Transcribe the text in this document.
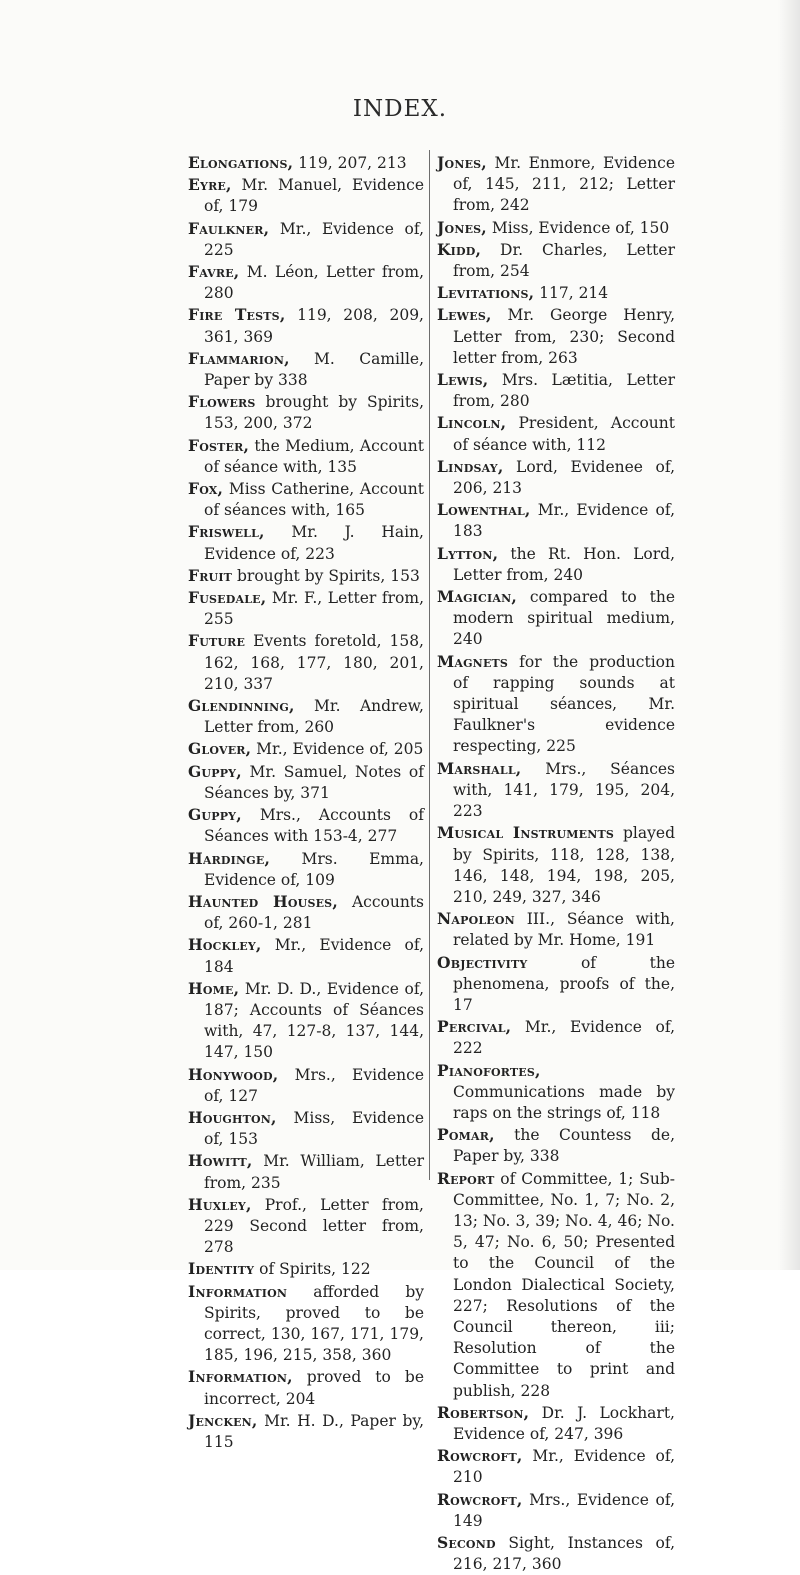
INDEX.

Elongations, 119, 207, 213

Eyre, Mr. Manuel, Evidence of, 179

Faulkner, Mr., Evidence of, 225

Favre, M. Léon, Letter from, 280

Fire Tests, 119, 208, 209, 361, 369

Flammarion, M. Camille, Paper by 338

Flowers brought by Spirits, 153, 200, 372

Foster, the Medium, Account of séance with, 135

Fox, Miss Catherine, Account of séances with, 165

Friswell, Mr. J. Hain, Evidence of, 223

Fruit brought by Spirits, 153

Fusedale, Mr. F., Letter from, 255

Future Events foretold, 158, 162, 168, 177, 180, 201, 210, 337

Glendinning, Mr. Andrew, Letter from, 260

Glover, Mr., Evidence of, 205

Guppy, Mr. Samuel, Notes of Séances by, 371

Guppy, Mrs., Accounts of Séances with 153-4, 277

Hardinge, Mrs. Emma, Evidence of, 109

Haunted Houses, Accounts of, 260-1, 281

Hockley, Mr., Evidence of, 184

Home, Mr. D. D., Evidence of, 187; Accounts of Séances with, 47, 127-8, 137, 144, 147, 150

Honywood, Mrs., Evidence of, 127

Houghton, Miss, Evidence of, 153

Howitt, Mr. William, Letter from, 235

Huxley, Prof., Letter from, 229 Second letter from, 278

Identity of Spirits, 122

Information afforded by Spirits, proved to be correct, 130, 167, 171, 179, 185, 196, 215, 358, 360

Information, proved to be incorrect, 204

Jencken, Mr. H. D., Paper by, 115

Jones, Mr. Enmore, Evidence of, 145, 211, 212; Letter from, 242

Jones, Miss, Evidence of, 150

Kidd, Dr. Charles, Letter from, 254

Levitations, 117, 214

Lewes, Mr. George Henry, Letter from, 230; Second letter from, 263

Lewis, Mrs. Lætitia, Letter from, 280

Lincoln, President, Account of séance with, 112

Lindsay, Lord, Evidenee of, 206, 213

Lowenthal, Mr., Evidence of, 183

Lytton, the Rt. Hon. Lord, Letter from, 240

Magician, compared to the modern spiritual medium, 240

Magnets for the production of rapping sounds at spiritual séances, Mr. Faulkner's evidence respecting, 225

Marshall, Mrs., Séances with, 141, 179, 195, 204, 223

Musical Instruments played by Spirits, 118, 128, 138, 146, 148, 194, 198, 205, 210, 249, 327, 346

Napoleon III., Séance with, related by Mr. Home, 191

Objectivity of the phenomena, proofs of the, 17

Percival, Mr., Evidence of, 222

Pianofortes, Communications made by raps on the strings of, 118

Pomar, the Countess de, Paper by, 338

Report of Committee, 1; Sub-Committee, No. 1, 7; No. 2, 13; No. 3, 39; No. 4, 46; No. 5, 47; No. 6, 50; Presented to the Council of the London Dialectical Society, 227; Resolutions of the Council thereon, iii; Resolution of the Committee to print and publish, 228

Robertson, Dr. J. Lockhart, Evidence of, 247, 396

Rowcroft, Mr., Evidence of, 210

Rowcroft, Mrs., Evidence of, 149

Second Sight, Instances of, 216, 217, 360
